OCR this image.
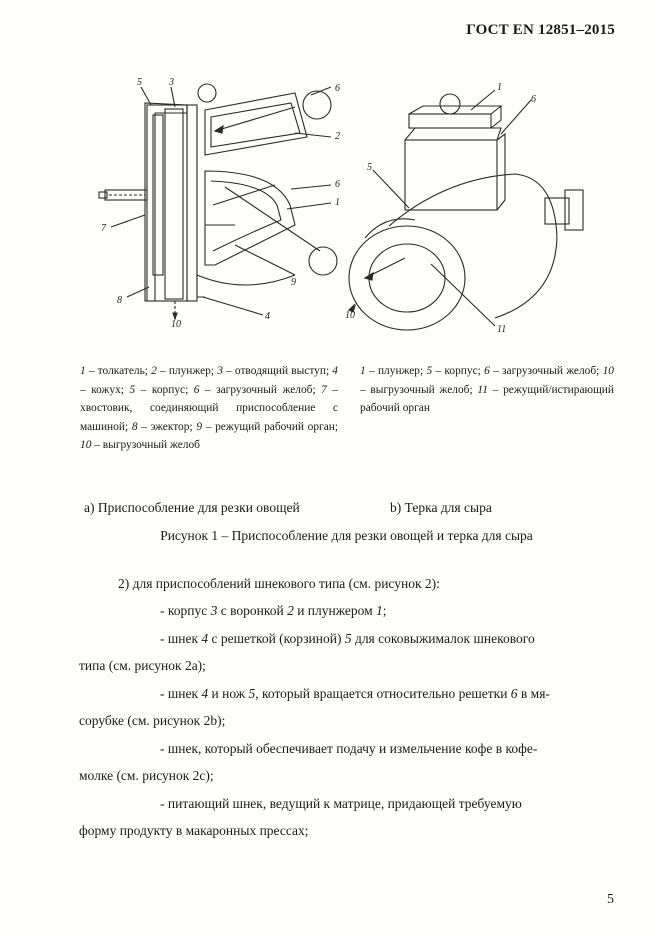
ГОСТ EN 12851–2015
5	3
6
2
6
1
7
9
8
4
10
1
6
5
10
11
1 – толкатель; 2 – плунжер; 3 – отводящий выступ; 4 – кожух; 5 – корпус; 6 – загрузочный желоб; 7 – хвостовик, соединяющий приспособление с машиной; 8 – эжектор; 9 – режущий рабочий орган; 10 – выгрузочный желоб
1 – плунжер; 5 – корпус; 6 – загрузочный желоб; 10 – выгрузочный желоб; 11 – режущий/истирающий рабочий орган
а) Приспособление для резки овощей	b) Терка для сыра
Рисунок 1 – Приспособление для резки овощей и терка для сыра
2) для приспособлений шнекового типа (см. рисунок 2):
- корпус 3 с воронкой 2 и плунжером 1;
- шнек 4 с решеткой (корзиной) 5 для соковыжималок шнекового
типа (см. рисунок 2а);
- шнек 4 и нож 5, который вращается относительно решетки 6 в мя-
сорубке (см. рисунок 2b);
- шнек, который обеспечивает подачу и измельчение кофе в кофе-
молке (см. рисунок 2c);
- питающий шнек, ведущий к матрице, придающей требуемую
форму продукту в макаронных прессах;
5
